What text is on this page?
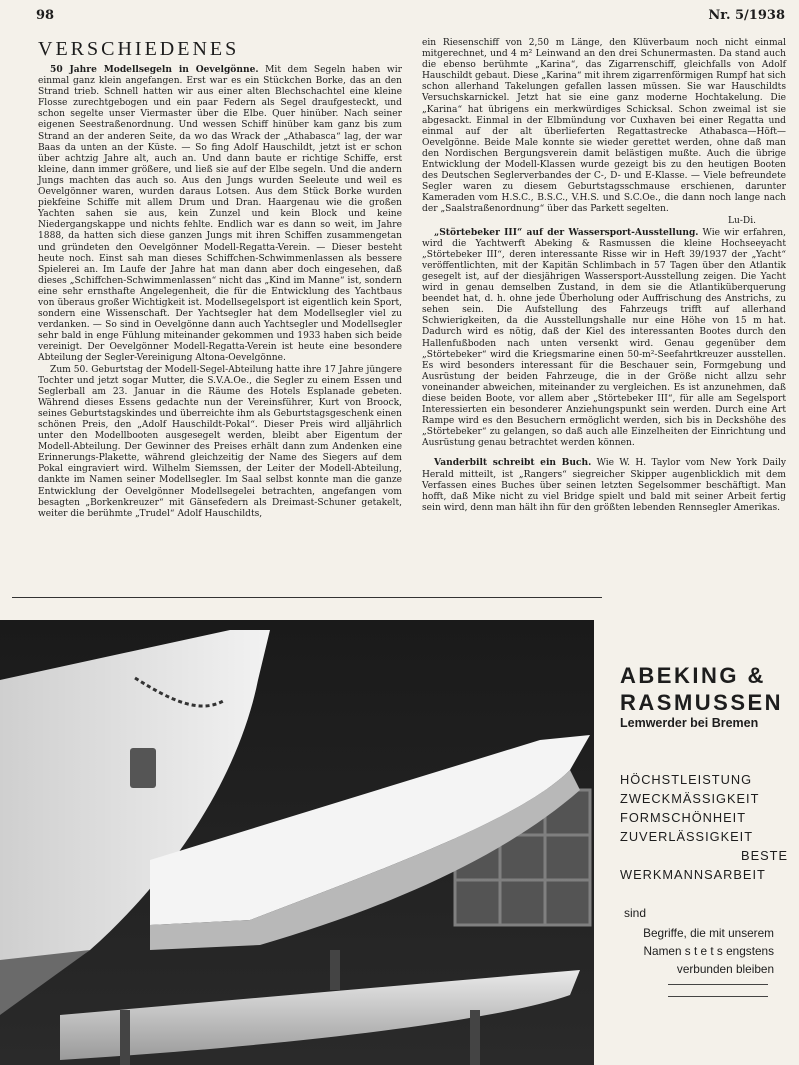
98	Nr. 5/1938
VERSCHIEDENES

50 Jahre Modellsegeln in Oevelgönne. Mit dem Segeln haben wir einmal ganz klein angefangen. Erst war es ein Stückchen Borke, das an den Strand trieb. Schnell hatten wir aus einer alten Blechschachtel eine kleine Flosse zurechtgebogen und ein paar Federn als Segel draufgesteckt, und schon segelte unser Viermaster über die Elbe. Quer hinüber. Nach seiner eigenen Seestraßenordnung. Und wessen Schiff hinüber kam ganz bis zum Strand an der anderen Seite, da wo das Wrack der „Athabasca“ lag, der war Baas da unten an der Küste. — So fing Adolf Hauschildt, jetzt ist er schon über achtzig Jahre alt, auch an. Und dann baute er richtige Schiffe, erst kleine, dann immer größere, und ließ sie auf der Elbe segeln. Und die andern Jungs machten das auch so. Aus den Jungs wurden Seeleute und weil es Oevelgönner waren, wurden daraus Lotsen. Aus dem Stück Borke wurden piekfeine Schiffe mit allem Drum und Dran. Haargenau wie die großen Yachten sahen sie aus, kein Zunzel und kein Block und keine Niedergangskappe und nichts fehlte. Endlich war es dann so weit, im Jahre 1888, da hatten sich diese ganzen Jungs mit ihren Schiffen zusammengetan und gründeten den Oevelgönner Modell-Regatta-Verein. — Dieser besteht heute noch. Einst sah man dieses Schiffchen-Schwimmenlassen als bessere Spielerei an. Im Laufe der Jahre hat man dann aber doch eingesehen, daß dieses „Schiffchen-Schwimmenlassen“ nicht das „Kind im Manne“ ist, sondern eine sehr ernsthafte Angelegenheit, die für die Entwicklung des Yachtbaus von überaus großer Wichtigkeit ist. Modellsegelsport ist eigentlich kein Sport, sondern eine Wissenschaft. Der Yachtsegler hat dem Modellsegler viel zu verdanken. — So sind in Oevelgönne dann auch Yachtsegler und Modellsegler sehr bald in enge Fühlung miteinander gekommen und 1933 haben sich beide vereinigt. Der Oevelgönner Modell-Regatta-Verein ist heute eine besondere Abteilung der Segler-Vereinigung Altona-Oevelgönne.

Zum 50. Geburtstag der Modell-Segel-Abteilung hatte ihre 17 Jahre jüngere Tochter und jetzt sogar Mutter, die S.V.A.Oe., die Segler zu einem Essen und Seglerball am 23. Januar in die Räume des Hotels Esplanade gebeten. Während dieses Essens gedachte nun der Vereinsführer, Kurt von Broock, seines Geburtstagskindes und überreichte ihm als Geburtstagsgeschenk einen schönen Preis, den „Adolf Hauschildt-Pokal“. Dieser Preis wird allјährlich unter den Modellbooten ausgesegelt werden, bleibt aber Eigentum der Modell-Abteilung. Der Gewinner des Preises erhält dann zum Andenken eine Erinnerungs-Plakette, während gleichzeitig der Name des Siegers auf dem Pokal eingraviert wird. Wilhelm Siemssen, der Leiter der Modell-Abteilung, dankte im Namen seiner Modellsegler. Im Saal selbst konnte man die ganze Entwicklung der Oevelgönner Modellsegelei betrachten, angefangen vom besagten „Borkenkreuzer“ mit Gänsefedern als Dreimast-Schuner getakelt, weiter die berühmte „Trudel“ Adolf Hauschildts,

ein Riesenschiff von 2,50 m Länge, den Klüverbaum noch nicht einmal mitgerechnet, und 4 m² Leinwand an den drei Schunermasten. Da stand auch die ebenso berühmte „Karina“, das Zigarrenschiff, gleichfalls von Adolf Hauschildt gebaut. Diese „Karina“ mit ihrem zigarrenförmigen Rumpf hat sich schon allerhand Takelungen gefallen lassen müssen. Sie war Hauschildts Versuchskarnickel. Jetzt hat sie eine ganz moderne Hochtakelung. Die „Karina“ hat übrigens ein merkwürdiges Schicksal. Schon zweimal ist sie abgesackt. Einmal in der Elbmündung vor Cuxhaven bei einer Regatta und einmal auf der alt überlieferten Regattastrecke Athabasca—Höft—Oevelgönne. Beide Male konnte sie wieder gerettet werden, ohne daß man den Nordischen Bergungsverein damit belästigen mußte. Auch die übrige Entwicklung der Modell-Klassen wurde gezeigt bis zu den heutigen Booten des Deutschen Seglerverbandes der C-, D- und E-Klasse. — Viele befreundete Segler waren zu diesem Geburtstagsschmause erschienen, darunter Kameraden vom H.S.C., B.S.C., V.H.S. und S.C.Oe., die dann noch lange nach der „Saalstraßenordnung“ über das Parkett segelten.

Lu-Di.

„Störtebeker III“ auf der Wassersport-Ausstellung. Wie wir erfahren, wird die Yachtwerft Abeking & Rasmussen die kleine Hochseeyacht „Störtebeker III“, deren interessante Risse wir in Heft 39/1937 der „Yacht“ veröffentlichten, mit der Kapitän Schlimbach in 57 Tagen über den Atlantik gesegelt ist, auf der diesjährigen Wassersport-Ausstellung zeigen. Die Yacht wird in genau demselben Zustand, in dem sie die Atlantiküberquerung beendet hat, d. h. ohne jede Überholung oder Auffrischung des Anstrichs, zu sehen sein. Die Aufstellung des Fahrzeugs trifft auf allerhand Schwierigkeiten, da die Ausstellungshalle nur eine Höhe von 15 m hat. Dadurch wird es nötig, daß der Kiel des interessanten Bootes durch den Hallenfußboden nach unten versenkt wird. Genau gegenüber dem „Störtebeker“ wird die Kriegsmarine einen 50-m²-Seefahrtkreuzer ausstellen. Es wird besonders interessant für die Beschauer sein, Formgebung und Ausrüstung der beiden Fahrzeuge, die in der Größe nicht allzu sehr voneinander abweichen, miteinander zu vergleichen. Es ist anzunehmen, daß diese beiden Boote, vor allem aber „Störtebeker III“, für alle am Segelsport Interessierten ein besonderer Anziehungspunkt sein werden. Durch eine Art Rampe wird es den Besuchern ermöglicht werden, sich bis in Deckshöhe des „Störtebeker“ zu gelangen, so daß auch alle Einzelheiten der Einrichtung und Ausrüstung genau betrachtet werden können.

Vanderbilt schreibt ein Buch. Wie W. H. Taylor vom New York Daily Herald mitteilt, ist „Rangers“ siegreicher Skipper augenblicklich mit dem Verfassen eines Buches über seinen letzten Segelsommer beschäftigt. Man hofft, daß Mike nicht zu viel Bridge spielt und bald mit seiner Arbeit fertig sein wird, denn man hält ihn für den größten lebenden Rennsegler Amerikas.

ABEKING &
RASMUSSEN
Lemwerder bei Bremen
HÖCHSTLEISTUNG
ZWECKMÄSSIGKEIT
FORMSCHÖNHEIT
ZUVERLÄSSIGKEIT
BESTE
WERKMANNSARBEIT
sind
Begriffe, die mit unserem
Namen s t e t s engstens
verbunden bleiben
